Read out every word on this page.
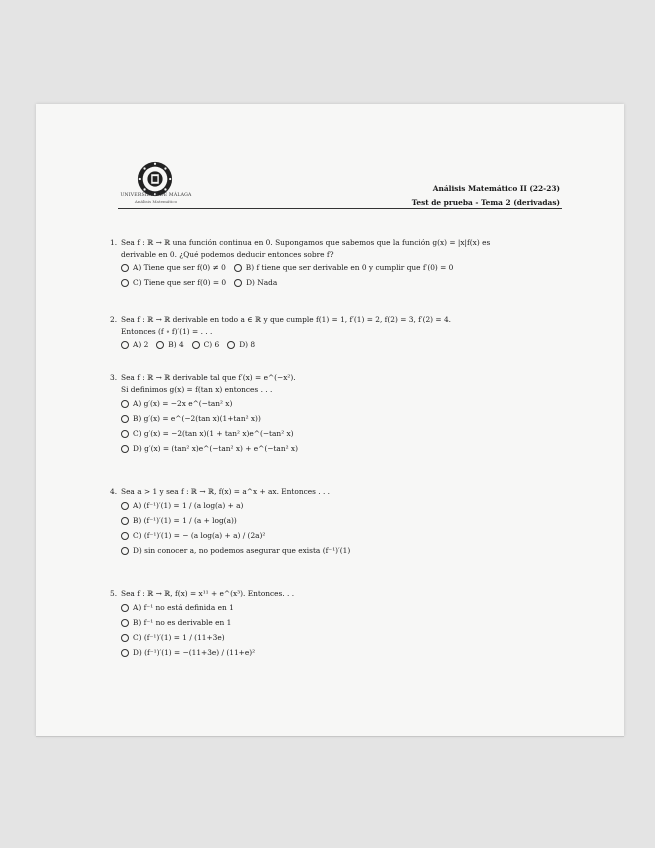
UNIVERSIDAD DE MÁLAGA
Análisis Matemático
Análisis Matemático II (22-23)
Test de prueba - Tema 2 (derivadas)

1. Sea f : ℝ → ℝ una función continua en 0. Supongamos que sabemos que la función g(x) = |x|f(x) es

derivable en 0. ¿Qué podemos deducir entonces sobre f?

A) Tiene que ser f(0) ≠ 0	B) f tiene que ser derivable en 0 y cumplir que f′(0) = 0
C) Tiene que ser f(0) = 0	D) Nada

2. Sea f : ℝ → ℝ derivable en todo a ∈ ℝ y que cumple f(1) = 1, f′(1) = 2, f(2) = 3, f′(2) = 4.

Entonces (f ∘ f)′(1) = . . .

A) 2	B) 4	C) 6	D) 8

3. Sea f : ℝ → ℝ derivable tal que f′(x) = e^(−x²).

Si definimos g(x) = f(tan x) entonces . . .

A) g′(x) = −2x e^(−tan² x)
B) g′(x) = e^(−2(tan x)(1+tan² x))
C) g′(x) = −2(tan x)(1 + tan² x)e^(−tan² x)
D) g′(x) = (tan² x)e^(−tan² x) + e^(−tan² x)

4. Sea a > 1 y sea f : ℝ → ℝ, f(x) = a^x + ax. Entonces . . .

A) (f⁻¹)′(1) = 1 / (a log(a) + a)
B) (f⁻¹)′(1) = 1 / (a + log(a))
C) (f⁻¹)′(1) = − (a log(a) + a) / (2a)²
D) sin conocer a, no podemos asegurar que exista (f⁻¹)′(1)

5. Sea f : ℝ → ℝ, f(x) = x¹¹ + e^(x³). Entonces. . .

A) f⁻¹ no está definida en 1
B) f⁻¹ no es derivable en 1
C) (f⁻¹)′(1) = 1 / (11+3e)
D) (f⁻¹)′(1) = −(11+3e) / (11+e)²
